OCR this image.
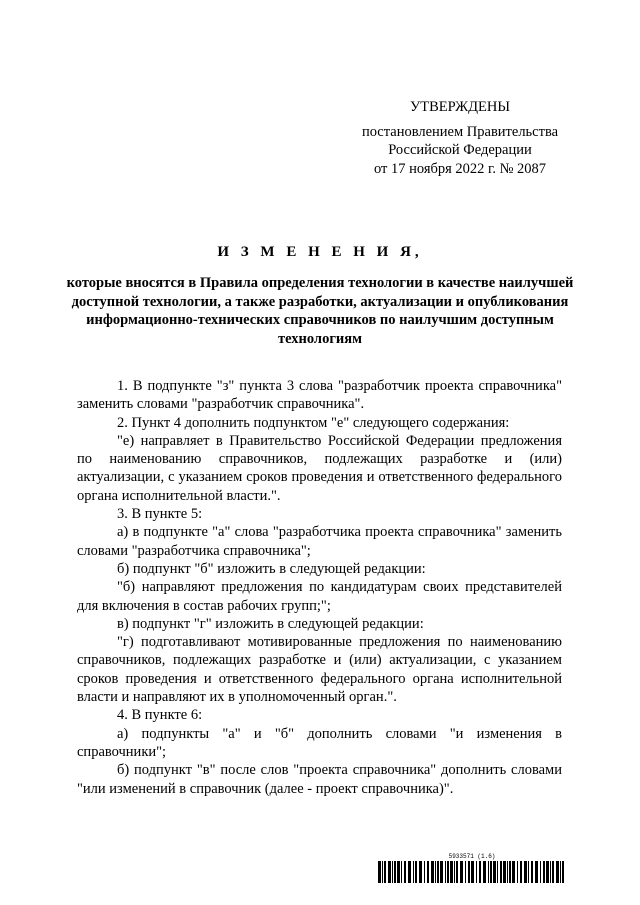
УТВЕРЖДЕНЫ
постановлением Правительства
Российской Федерации
от 17 ноября 2022 г. № 2087
И З М Е Н Е Н И Я,
которые вносятся в Правила определения технологии в качестве наилучшей доступной технологии, а также разработки, актуализации и опубликования информационно-технических справочников по наилучшим доступным технологиям

1. В подпункте "з" пункта 3 слова "разработчик проекта справочника" заменить словами "разработчик справочника".

2. Пункт 4 дополнить подпунктом "е" следующего содержания:

"е) направляет в Правительство Российской Федерации предложения по наименованию справочников, подлежащих разработке и (или) актуализации, с указанием сроков проведения и ответственного федерального органа исполнительной власти.".

3. В пункте 5:

а) в подпункте "а" слова "разработчика проекта справочника" заменить словами "разработчика справочника";

б) подпункт "б" изложить в следующей редакции:

"б) направляют предложения по кандидатурам своих представителей для включения в состав рабочих групп;";

в) подпункт "г" изложить в следующей редакции:

"г) подготавливают мотивированные предложения по наименованию справочников, подлежащих разработке и (или) актуализации, с указанием сроков проведения и ответственного федерального органа исполнительной власти и направляют их в уполномоченный орган.".

4. В пункте 6:

а) подпункты "а" и "б" дополнить словами "и изменения в справочники";

б) подпункт "в" после слов "проекта справочника" дополнить словами "или изменений в справочник (далее - проект справочника)".

5933571 (1.6)
